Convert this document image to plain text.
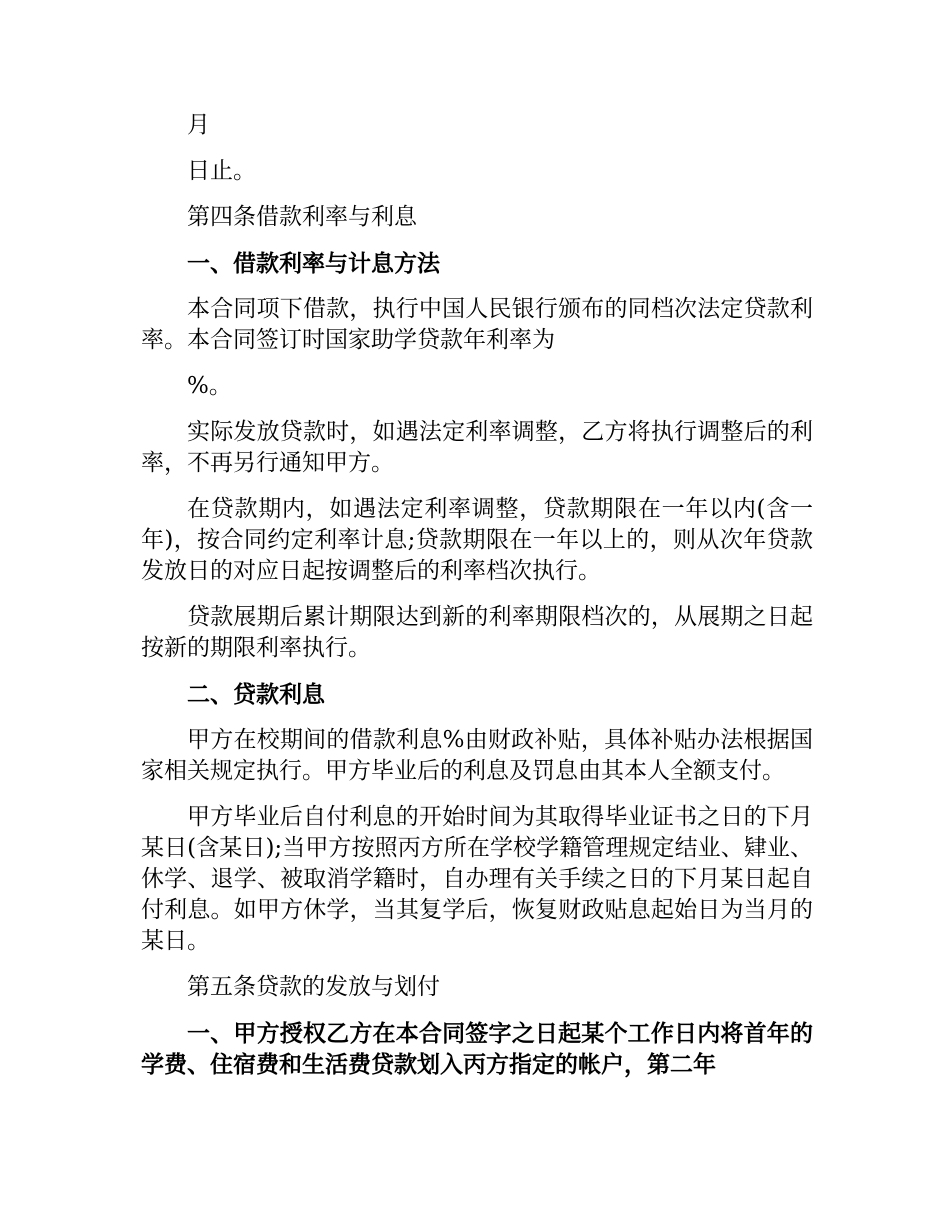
月

日止。

第四条借款利率与利息

一、借款利率与计息方法

本合同项下借款，执行中国人民银行颁布的同档次法定贷款利率。本合同签订时国家助学贷款年利率为

%。

实际发放贷款时，如遇法定利率调整，乙方将执行调整后的利率，不再另行通知甲方。

在贷款期内，如遇法定利率调整，贷款期限在一年以内(含一年)，按合同约定利率计息;贷款期限在一年以上的，则从次年贷款发放日的对应日起按调整后的利率档次执行。

贷款展期后累计期限达到新的利率期限档次的，从展期之日起按新的期限利率执行。

二、贷款利息

甲方在校期间的借款利息%由财政补贴，具体补贴办法根据国家相关规定执行。甲方毕业后的利息及罚息由其本人全额支付。

甲方毕业后自付利息的开始时间为其取得毕业证书之日的下月某日(含某日);当甲方按照丙方所在学校学籍管理规定结业、肄业、休学、退学、被取消学籍时，自办理有关手续之日的下月某日起自付利息。如甲方休学，当其复学后，恢复财政贴息起始日为当月的某日。

第五条贷款的发放与划付

一、甲方授权乙方在本合同签字之日起某个工作日内将首年的学费、住宿费和生活费贷款划入丙方指定的帐户，第二年
